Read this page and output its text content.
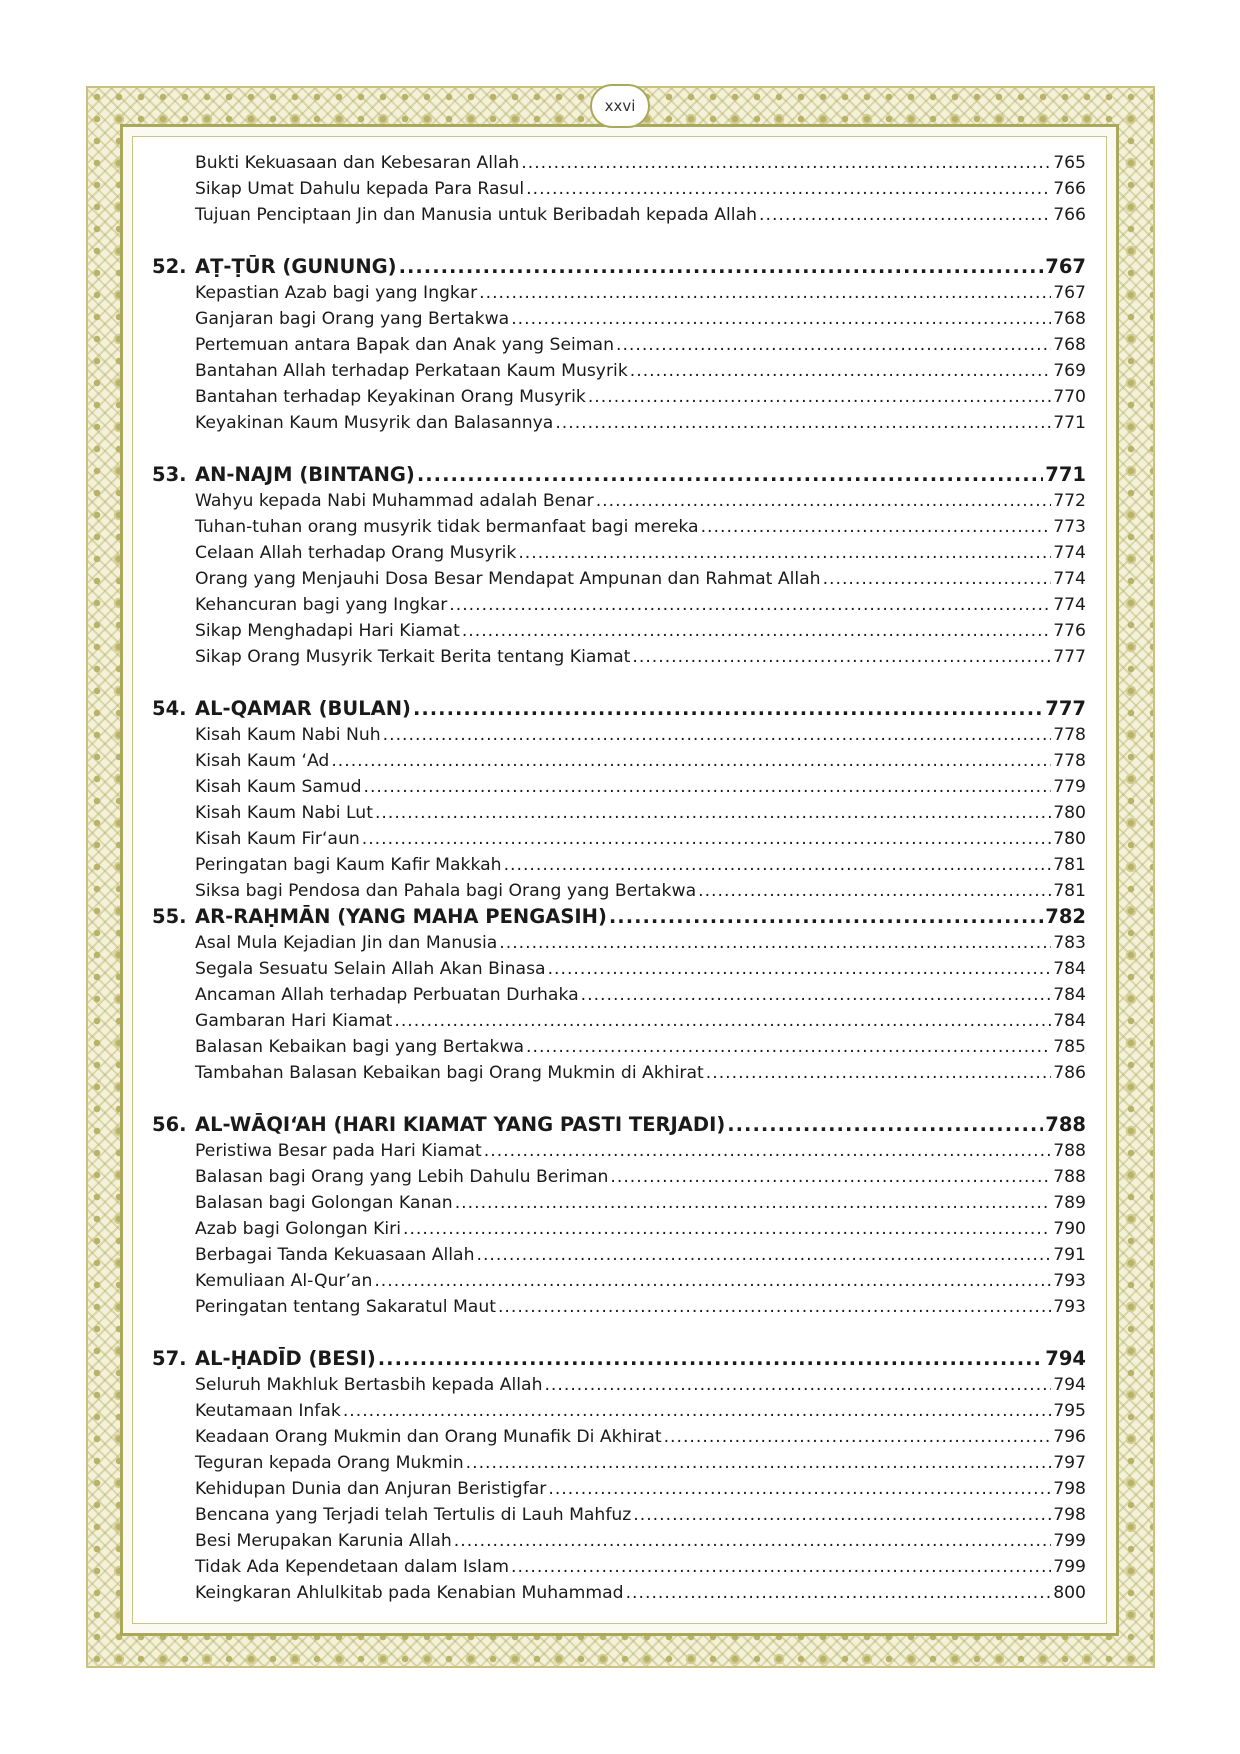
xxvi
Bukti Kekuasaan dan Kebesaran Allah .....	765
Sikap Umat Dahulu kepada Para Rasul .....	766
Tujuan Penciptaan Jin dan Manusia untuk Beribadah kepada Allah .....	766
52. AṬ-ṬŪR (GUNUNG) .....	767
Kepastian Azab bagi yang Ingkar .....	767
Ganjaran bagi Orang yang Bertakwa .....	768
Pertemuan antara Bapak dan Anak yang Seiman .....	768
Bantahan Allah terhadap Perkataan Kaum Musyrik .....	769
Bantahan terhadap Keyakinan Orang Musyrik .....	770
Keyakinan Kaum Musyrik dan Balasannya .....	771
53. AN-NAJM (BINTANG) .....	771
Wahyu kepada Nabi Muhammad adalah Benar .....	772
Tuhan-tuhan orang musyrik tidak bermanfaat bagi mereka .....	773
Celaan Allah terhadap Orang Musyrik .....	774
Orang yang Menjauhi Dosa Besar Mendapat Ampunan dan Rahmat Allah .....	774
Kehancuran bagi yang Ingkar .....	774
Sikap Menghadapi Hari Kiamat .....	776
Sikap Orang Musyrik Terkait Berita tentang Kiamat .....	777
54. AL-QAMAR (BULAN) .....	777
Kisah Kaum Nabi Nuh .....	778
Kisah Kaum ‘Ad .....	778
Kisah Kaum Samud .....	779
Kisah Kaum Nabi Lut .....	780
Kisah Kaum Fir‘aun .....	780
Peringatan bagi Kaum Kafir Makkah .....	781
Siksa bagi Pendosa dan Pahala bagi Orang yang Bertakwa .....	781
55. AR-RAḤMĀN (YANG MAHA PENGASIH) .....	782
Asal Mula Kejadian Jin dan Manusia .....	783
Segala Sesuatu Selain Allah Akan Binasa .....	784
Ancaman Allah terhadap Perbuatan Durhaka .....	784
Gambaran Hari Kiamat .....	784
Balasan Kebaikan bagi yang Bertakwa .....	785
Tambahan Balasan Kebaikan bagi Orang Mukmin di Akhirat .....	786
56. AL-WĀQI‘AH (HARI KIAMAT YANG PASTI TERJADI) .....	788
Peristiwa Besar pada Hari Kiamat .....	788
Balasan bagi Orang yang Lebih Dahulu Beriman .....	788
Balasan bagi Golongan Kanan .....	789
Azab bagi Golongan Kiri .....	790
Berbagai Tanda Kekuasaan Allah .....	791
Kemuliaan Al-Qur’an .....	793
Peringatan tentang Sakaratul Maut .....	793
57. AL-ḤADĪD (BESI) .....	794
Seluruh Makhluk Bertasbih kepada Allah .....	794
Keutamaan Infak .....	795
Keadaan Orang Mukmin dan Orang Munafik Di Akhirat .....	796
Teguran kepada Orang Mukmin .....	797
Kehidupan Dunia dan Anjuran Beristigfar .....	798
Bencana yang Terjadi telah Tertulis di Lauh Mahfuz .....	798
Besi Merupakan Karunia Allah .....	799
Tidak Ada Kependetaan dalam Islam .....	799
Keingkaran Ahlulkitab pada Kenabian Muhammad .....	800
